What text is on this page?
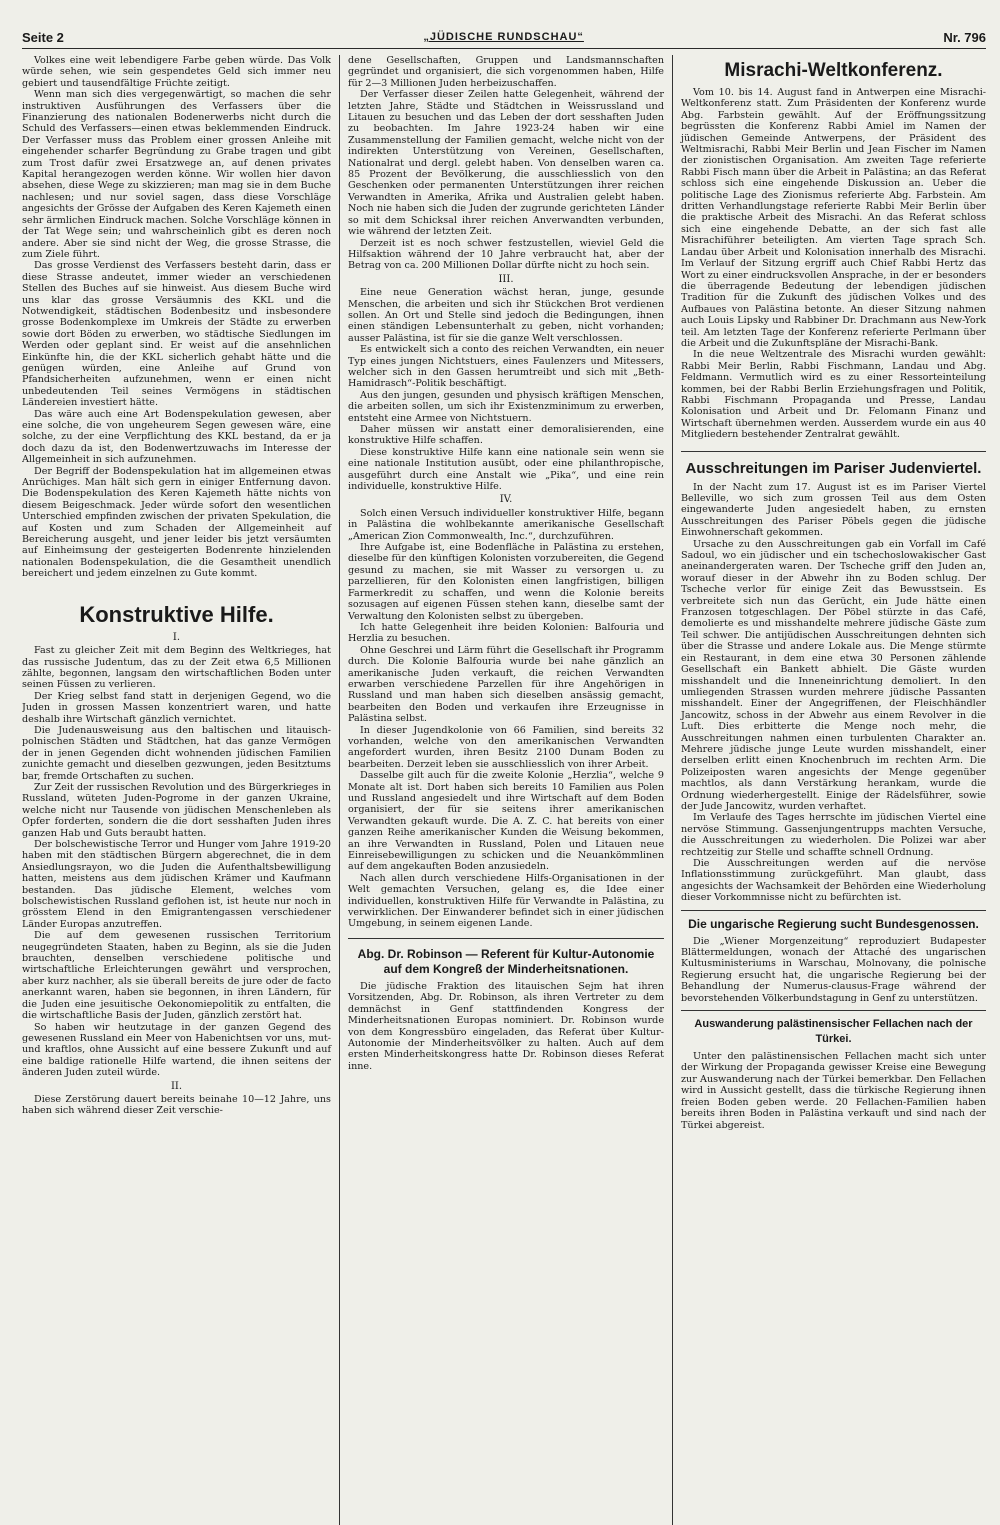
Seite 2	„JÜDISCHE RUNDSCHAU“	Nr. 796

Volkes eine weit lebendigere Farbe geben würde. Das Volk würde sehen, wie sein gespendetes Geld sich immer neu gebiert und tausendfältige Früchte zeitigt.

Wenn man sich dies vergegenwärtigt, so machen die sehr instruktiven Ausführungen des Verfassers über die Finanzierung des nationalen Bodenerwerbs nicht durch die Schuld des Verfassers—einen etwas beklemmenden Eindruck. Der Verfasser muss das Problem einer grossen Anleihe mit eingehender scharfer Begründung zu Grabe tragen und gibt zum Trost dafür zwei Ersatzwege an, auf denen privates Kapital herangezogen werden könne. Wir wollen hier davon absehen, diese Wege zu skizzieren; man mag sie in dem Buche nachlesen; und nur soviel sagen, dass diese Vorschläge angesichts der Grösse der Aufgaben des Keren Kajemeth einen sehr ärmlichen Eindruck machen. Solche Vorschläge können in der Tat Wege sein; und wahrscheinlich gibt es deren noch andere. Aber sie sind nicht der Weg, die grosse Strasse, die zum Ziele führt.

Das grosse Verdienst des Verfassers besteht darin, dass er diese Strasse andeutet, immer wieder an verschiedenen Stellen des Buches auf sie hinweist. Aus diesem Buche wird uns klar das grosse Versäumnis des KKL und die Notwendigkeit, städtischen Bodenbesitz und insbesondere grosse Bodenkomplexe im Umkreis der Städte zu erwerben sowie dort Böden zu erwerben, wo städtische Siedlungen im Werden oder geplant sind. Er weist auf die ansehnlichen Einkünfte hin, die der KKL sicherlich gehabt hätte und die genügen würden, eine Anleihe auf Grund von Pfandsicherheiten aufzunehmen, wenn er einen nicht unbedeutenden Teil seines Vermögens in städtischen Ländereien investiert hätte.

Das wäre auch eine Art Bodenspekulation gewesen, aber eine solche, die von ungeheurem Segen gewesen wäre, eine solche, zu der eine Verpflichtung des KKL bestand, da er ja doch dazu da ist, den Bodenwertzuwachs im Interesse der Allgemeinheit in sich aufzunehmen.

Der Begriff der Bodenspekulation hat im allgemeinen etwas Anrüchiges. Man hält sich gern in einiger Entfernung davon. Die Bodenspekulation des Keren Kajemeth hätte nichts von diesem Beigeschmack. Jeder würde sofort den wesentlichen Unterschied empfinden zwischen der privaten Spekulation, die auf Kosten und zum Schaden der Allgemeinheit auf Bereicherung ausgeht, und jener leider bis jetzt versäumten auf Einheimsung der gesteigerten Bodenrente hinzielenden nationalen Bodenspekulation, die die Gesamtheit unendlich bereichert und jedem einzelnen zu Gute kommt.

Konstruktive Hilfe.
I.

Fast zu gleicher Zeit mit dem Beginn des Weltkrieges, hat das russische Judentum, das zu der Zeit etwa 6,5 Millionen zählte, begonnen, langsam den wirtschaftlichen Boden unter seinen Füssen zu verlieren.

Der Krieg selbst fand statt in derjenigen Gegend, wo die Juden in grossen Massen konzentriert waren, und hatte deshalb ihre Wirtschaft gänzlich vernichtet.

Die Judenausweisung aus den baltischen und litauisch-polnischen Städten und Städtchen, hat das ganze Vermögen der in jenen Gegenden dicht wohnenden jüdischen Familien zunichte gemacht und dieselben gezwungen, jeden Besitztums bar, fremde Ortschaften zu suchen.

Zur Zeit der russischen Revolution und des Bürgerkrieges in Russland, wüteten Juden-Pogrome in der ganzen Ukraine, welche nicht nur Tausende von jüdischen Menschenleben als Opfer forderten, sondern die die dort sesshaften Juden ihres ganzen Hab und Guts beraubt hatten.

Der bolschewistische Terror und Hunger vom Jahre 1919-20 haben mit den städtischen Bürgern abgerechnet, die in dem Ansiedlungsrayon, wo die Juden die Aufenthaltsbewilligung hatten, meistens aus dem jüdischen Krämer und Kaufmann bestanden. Das jüdische Element, welches vom bolschewistischen Russland geflohen ist, ist heute nur noch in grösstem Elend in den Emigrantengassen verschiedener Länder Europas anzutreffen.

Die auf dem gewesenen russischen Territorium neugegründeten Staaten, haben zu Beginn, als sie die Juden brauchten, denselben verschiedene politische und wirtschaftliche Erleichterungen gewährt und versprochen, aber kurz nachher, als sie überall bereits de jure oder de facto anerkannt waren, haben sie begonnen, in ihren Ländern, für die Juden eine jesuitische Oekonomiepolitik zu entfalten, die die wirtschaftliche Basis der Juden, gänzlich zerstört hat.

So haben wir heutzutage in der ganzen Gegend des gewesenen Russland ein Meer von Habenichtsen vor uns, mut- und kraftlos, ohne Aussicht auf eine bessere Zukunft und auf eine baldige rationelle Hilfe wartend, die ihnen seitens der änderen Juden zuteil würde.

II.

Diese Zerstörung dauert bereits beinahe 10—12 Jahre, uns haben sich während dieser Zeit verschie-

dene Gesellschaften, Gruppen und Landsmannschaften gegründet und organisiert, die sich vorgenommen haben, Hilfe für 2—3 Millionen Juden herbeizuschaffen.

Der Verfasser dieser Zeilen hatte Gelegenheit, während der letzten Jahre, Städte und Städtchen in Weissrussland und Litauen zu besuchen und das Leben der dort sesshaften Juden zu beobachten. Im Jahre 1923-24 haben wir eine Zusammenstellung der Familien gemacht, welche nicht von der indirekten Unterstützung von Vereinen, Gesellschaften, Nationalrat und dergl. gelebt haben. Von denselben waren ca. 85 Prozent der Bevölkerung, die ausschliesslich von den Geschenken oder permanenten Unterstützungen ihrer reichen Verwandten in Amerika, Afrika und Australien gelebt haben. Noch nie haben sich die Juden der zugrunde gerichteten Länder so mit dem Schicksal ihrer reichen Anverwandten verbunden, wie während der letzten Zeit.

Derzeit ist es noch schwer festzustellen, wieviel Geld die Hilfsaktion während der 10 Jahre verbraucht hat, aber der Betrag von ca. 200 Millionen Dollar dürfte nicht zu hoch sein.

III.

Eine neue Generation wächst heran, junge, gesunde Menschen, die arbeiten und sich ihr Stückchen Brot verdienen sollen. An Ort und Stelle sind jedoch die Bedingungen, ihnen einen ständigen Lebensunterhalt zu geben, nicht vorhanden; ausser Palästina, ist für sie die ganze Welt verschlossen.

Es entwickelt sich a conto des reichen Verwandten, ein neuer Typ eines jungen Nichtstuers, eines Faulenzers und Mitessers, welcher sich in den Gassen herumtreibt und sich mit „Beth-Hamidrasch“-Politik beschäftigt.

Aus den jungen, gesunden und physisch kräftigen Menschen, die arbeiten sollen, um sich ihr Existenzminimum zu erwerben, entsteht eine Armee von Nichtstuern.

Daher müssen wir anstatt einer demoralisierenden, eine konstruktive Hilfe schaffen.

Diese konstruktive Hilfe kann eine nationale sein wenn sie eine nationale Institution ausübt, oder eine philanthropische, ausgeführt durch eine Anstalt wie „Pika“, und eine rein individuelle, konstruktive Hilfe.

IV.

Solch einen Versuch individueller konstruktiver Hilfe, begann in Palästina die wohlbekannte amerikanische Gesellschaft „American Zion Commonwealth, Inc.“, durchzuführen.

Ihre Aufgabe ist, eine Bodenfläche in Palästina zu erstehen, dieselbe für den künftigen Kolonisten vorzubereiten, die Gegend gesund zu machen, sie mit Wasser zu versorgen u. zu parzellieren, für den Kolonisten einen langfristigen, billigen Farmerkredit zu schaffen, und wenn die Kolonie bereits sozusagen auf eigenen Füssen stehen kann, dieselbe samt der Verwaltung den Kolonisten selbst zu übergeben.

Ich hatte Gelegenheit ihre beiden Kolonien: Balfouria und Herzlia zu besuchen.

Ohne Geschrei und Lärm führt die Gesellschaft ihr Programm durch. Die Kolonie Balfouria wurde bei nahe gänzlich an amerikanische Juden verkauft, die reichen Verwandten erwarben verschiedene Parzellen für ihre Angehörigen in Russland und man haben sich dieselben ansässig gemacht, bearbeiten den Boden und verkaufen ihre Erzeugnisse in Palästina selbst.

In dieser Jugendkolonie von 66 Familien, sind bereits 32 vorhanden, welche von den amerikanischen Verwandten angefordert wurden, ihren Besitz 2100 Dunam Boden zu bearbeiten. Derzeit leben sie ausschliesslich von ihrer Arbeit.

Dasselbe gilt auch für die zweite Kolonie „Herzlia“, welche 9 Monate alt ist. Dort haben sich bereits 10 Familien aus Polen und Russland angesiedelt und ihre Wirtschaft auf dem Boden organisiert, der für sie seitens ihrer amerikanischen Verwandten gekauft wurde. Die A. Z. C. hat bereits von einer ganzen Reihe amerikanischer Kunden die Weisung bekommen, an ihre Verwandten in Russland, Polen und Litauen neue Einreisebewilligungen zu schicken und die Neuankömmlinen auf dem angekauften Boden anzusiedeln.

Nach allen durch verschiedene Hilfs-Organisationen in der Welt gemachten Versuchen, gelang es, die Idee einer individuellen, konstruktiven Hilfe für Verwandte in Palästina, zu verwirklichen. Der Einwanderer befindet sich in einer jüdischen Umgebung, in seinem eigenen Lande.

Abg. Dr. Robinson — Referent für Kultur-Autonomie auf dem Kongreß der Minderheitsnationen.

Die jüdische Fraktion des litauischen Sejm hat ihren Vorsitzenden, Abg. Dr. Robinson, als ihren Vertreter zu dem demnächst in Genf stattfindenden Kongress der Minderheitsnationen Europas nominiert. Dr. Robinson wurde von dem Kongressbüro eingeladen, das Referat über Kultur-Autonomie der Minderheitsvölker zu halten. Auch auf dem ersten Minderheitskongress hatte Dr. Robinson dieses Referat inne.

Misrachi-Weltkonferenz.

Vom 10. bis 14. August fand in Antwerpen eine Misrachi-Weltkonferenz statt. Zum Präsidenten der Konferenz wurde Abg. Farbstein gewählt. Auf der Eröffnungssitzung begrüssten die Konferenz Rabbi Amiel im Namen der jüdischen Gemeinde Antwerpens, der Präsident des Weltmisrachi, Rabbi Meir Berlin und Jean Fischer im Namen der zionistischen Organisation. Am zweiten Tage referierte Rabbi Fisch mann über die Arbeit in Palästina; an das Referat schloss sich eine eingehende Diskussion an. Ueber die politische Lage des Zionismus referierte Abg. Farbstein. Am dritten Verhandlungstage referierte Rabbi Meir Berlin über die praktische Arbeit des Misrachi. An das Referat schloss sich eine eingehende Debatte, an der sich fast alle Misrachiführer beteiligten. Am vierten Tage sprach Sch. Landau über Arbeit und Kolonisation innerhalb des Misrachi. Im Verlauf der Sitzung ergriff auch Chief Rabbi Hertz das Wort zu einer eindrucksvollen Ansprache, in der er besonders die überragende Bedeutung der lebendigen jüdischen Tradition für die Zukunft des jüdischen Volkes und des Aufbaues von Palästina betonte. An dieser Sitzung nahmen auch Louis Lipsky und Rabbiner Dr. Drachmann aus New-York teil. Am letzten Tage der Konferenz referierte Perlmann über die Arbeit und die Zukunftspläne der Misrachi-Bank.

In die neue Weltzentrale des Misrachi wurden gewählt: Rabbi Meir Berlin, Rabbi Fischmann, Landau und Abg. Feldmann. Vermutlich wird es zu einer Ressorteinteilung kommen, bei der Rabbi Berlin Erziehungsfragen und Politik, Rabbi Fischmann Propaganda und Presse, Landau Kolonisation und Arbeit und Dr. Felomann Finanz und Wirtschaft übernehmen werden. Ausserdem wurde ein aus 40 Mitgliedern bestehender Zentralrat gewählt.

Ausschreitungen im Pariser Judenviertel.

In der Nacht zum 17. August ist es im Pariser Viertel Belleville, wo sich zum grossen Teil aus dem Osten eingewanderte Juden angesiedelt haben, zu ernsten Ausschreitungen des Pariser Pöbels gegen die jüdische Einwohnerschaft gekommen.

Ursache zu den Ausschreitungen gab ein Vorfall im Café Sadoul, wo ein jüdischer und ein tschechoslowakischer Gast aneinandergeraten waren. Der Tscheche griff den Juden an, worauf dieser in der Abwehr ihn zu Boden schlug. Der Tscheche verlor für einige Zeit das Bewusstsein. Es verbreitete sich nun das Gerücht, ein Jude hätte einen Franzosen totgeschlagen. Der Pöbel stürzte in das Café, demolierte es und misshandelte mehrere jüdische Gäste zum Teil schwer. Die antijüdischen Ausschreitungen dehnten sich über die Strasse und andere Lokale aus. Die Menge stürmte ein Restaurant, in dem eine etwa 30 Personen zählende Gesellschaft ein Bankett abhielt. Die Gäste wurden misshandelt und die Inneneinrichtung demoliert. In den umliegenden Strassen wurden mehrere jüdische Passanten misshandelt. Einer der Angegriffenen, der Fleischhändler Jancowitz, schoss in der Abwehr aus einem Revolver in die Luft. Dies erbitterte die Menge noch mehr, die Ausschreitungen nahmen einen turbulenten Charakter an. Mehrere jüdische junge Leute wurden misshandelt, einer derselben erlitt einen Knochenbruch im rechten Arm. Die Polizeiposten waren angesichts der Menge gegenüber machtlos, als dann Verstärkung herankam, wurde die Ordnung wiederhergestellt. Einige der Rädelsführer, sowie der Jude Jancowitz, wurden verhaftet.

Im Verlaufe des Tages herrschte im jüdischen Viertel eine nervöse Stimmung. Gassenjungentrupps machten Versuche, die Ausschreitungen zu wiederholen. Die Polizei war aber rechtzeitig zur Stelle und schaffte schnell Ordnung.

Die Ausschreitungen werden auf die nervöse Inflationsstimmung zurückgeführt. Man glaubt, dass angesichts der Wachsamkeit der Behörden eine Wiederholung dieser Vorkommnisse nicht zu befürchten ist.

Die ungarische Regierung sucht Bundesgenossen.

Die „Wiener Morgenzeitung“ reproduziert Budapester Blättermeldungen, wonach der Attaché des ungarischen Kultusministeriums in Warschau, Molnovany, die polnische Regierung ersucht hat, die ungarische Regierung bei der Behandlung der Numerus-clausus-Frage während der bevorstehenden Völkerbundstagung in Genf zu unterstützen.

Auswanderung palästinensischer Fellachen nach der Türkei.

Unter den palästinensischen Fellachen macht sich unter der Wirkung der Propaganda gewisser Kreise eine Bewegung zur Auswanderung nach der Türkei bemerkbar. Den Fellachen wird in Aussicht gestellt, dass die türkische Regierung ihnen freien Boden geben werde. 20 Fellachen-Familien haben bereits ihren Boden in Palästina verkauft und sind nach der Türkei abgereist.
